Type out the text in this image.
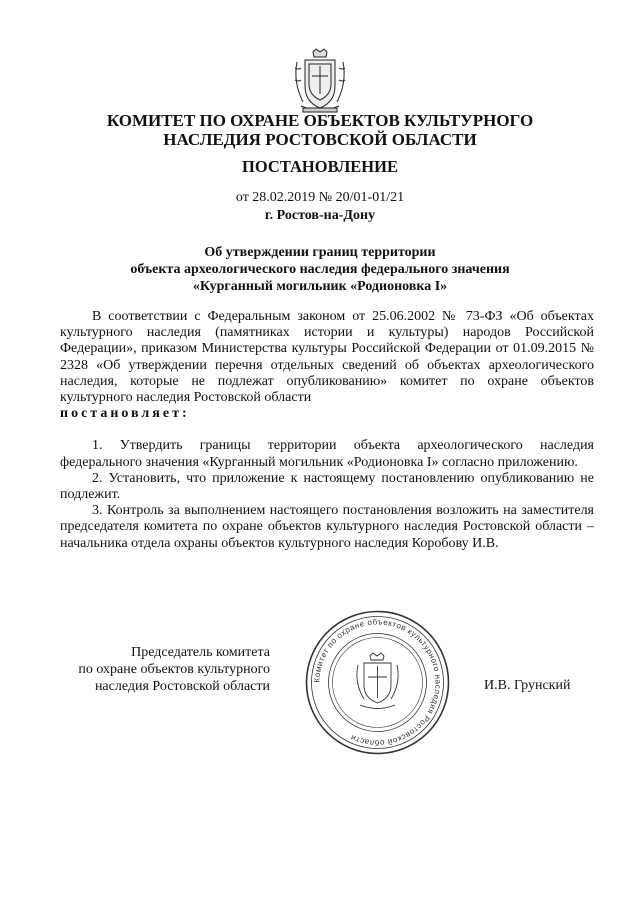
КОМИТЕТ ПО ОХРАНЕ ОБЪЕКТОВ КУЛЬТУРНОГО
НАСЛЕДИЯ РОСТОВСКОЙ ОБЛАСТИ
ПОСТАНОВЛЕНИЕ
от 28.02.2019 № 20/01-01/21
г. Ростов-на-Дону
Об утверждении границ территории
объекта археологического наследия федерального значения
«Курганный могильник «Родионовка I»

В соответствии с Федеральным законом от 25.06.2002 № 73-ФЗ «Об объектах культурного наследия (памятниках истории и культуры) народов Российской Федерации», приказом Министерства культуры Российской Федерации от 01.09.2015 № 2328 «Об утверждении перечня отдельных сведений об объектах археологического наследия, которые не подлежат опубликованию» комитет по охране объектов культурного наследия Ростовской области

постановляет:

1. Утвердить границы территории объекта археологического наследия федерального значения «Курганный могильник «Родионовка I» согласно приложению.

2. Установить, что приложение к настоящему постановлению опубликованию не подлежит.

3. Контроль за выполнением настоящего постановления возложить на заместителя председателя комитета по охране объектов культурного наследия Ростовской области – начальника отдела охраны объектов культурного наследия Коробову И.В.

Председатель комитета
по охране объектов культурного
наследия Ростовской области	Комитет по охране объектов культурного наследия Ростовской области
И.В. Грунский
